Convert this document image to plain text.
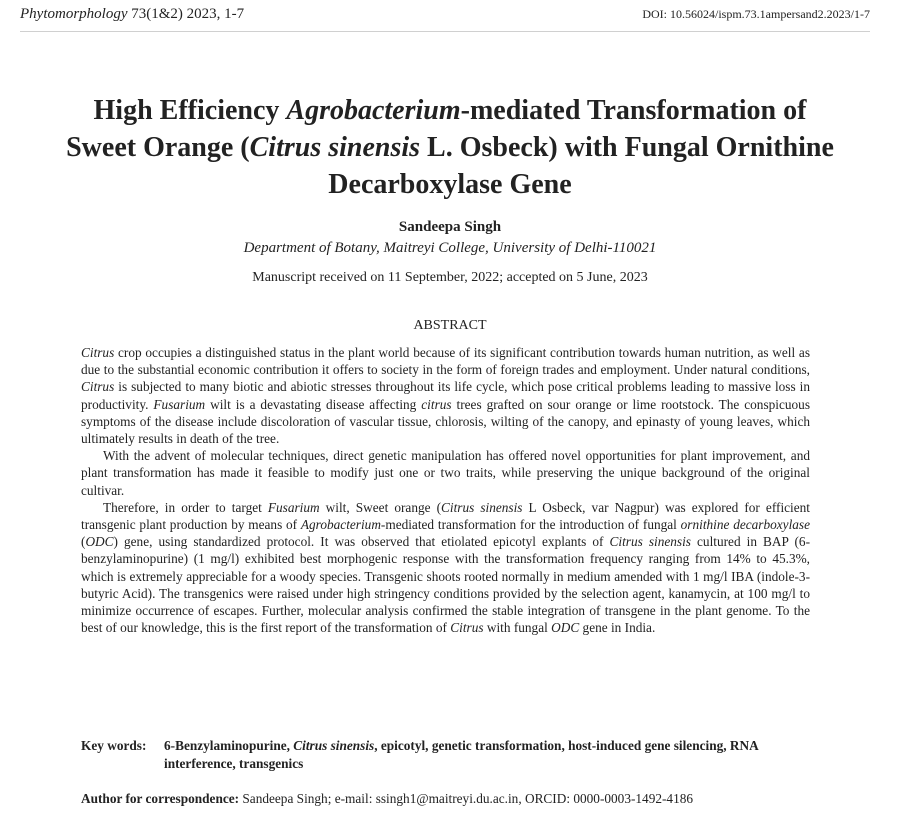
Phytomorphology 73(1&2) 2023, 1-7	DOI: 10.56024/ispm.73.1ampersand2.2023/1-7
High Efficiency Agrobacterium-mediated Transformation of
Sweet Orange (Citrus sinensis L. Osbeck) with Fungal Ornithine
Decarboxylase Gene
Sandeepa Singh
Department of Botany, Maitreyi College, University of Delhi-110021
Manuscript received on 11 September, 2022; accepted on 5 June, 2023
ABSTRACT

Citrus crop occupies a distinguished status in the plant world because of its significant contribution towards human nutrition, as well as due to the substantial economic contribution it offers to society in the form of foreign trades and employment. Under natural conditions, Citrus is subjected to many biotic and abiotic stresses throughout its life cycle, which pose critical problems leading to massive loss in productivity. Fusarium wilt is a devastating disease affecting citrus trees grafted on sour orange or lime rootstock. The conspicuous symptoms of the disease include discoloration of vascular tissue, chlorosis, wilting of the canopy, and epinasty of young leaves, which ultimately results in death of the tree.

With the advent of molecular techniques, direct genetic manipulation has offered novel opportunities for plant improvement, and plant transformation has made it feasible to modify just one or two traits, while preserving the unique background of the original cultivar.

Therefore, in order to target Fusarium wilt, Sweet orange (Citrus sinensis L Osbeck, var Nagpur) was explored for efficient transgenic plant production by means of Agrobacterium-mediated transformation for the introduction of fungal ornithine decarboxylase (ODC) gene, using standardized protocol. It was observed that etiolated epicotyl explants of Citrus sinensis cultured in BAP (6-benzylaminopurine) (1 mg/l) exhibited best morphogenic response with the transformation frequency ranging from 14% to 45.3%, which is extremely appreciable for a woody species. Transgenic shoots rooted normally in medium amended with 1 mg/l IBA (indole-3-butyric Acid). The transgenics were raised under high stringency conditions provided by the selection agent, kanamycin, at 100 mg/l to minimize occurrence of escapes. Further, molecular analysis confirmed the stable integration of transgene in the plant genome. To the best of our knowledge, this is the first report of the transformation of Citrus with fungal ODC gene in India.

Key words:	6-Benzylaminopurine, Citrus sinensis, epicotyl, genetic transformation, host-induced gene silencing, RNA interference, transgenics
Author for correspondence: Sandeepa Singh; e-mail: ssingh1@maitreyi.du.ac.in, ORCID: 0000-0003-1492-4186
